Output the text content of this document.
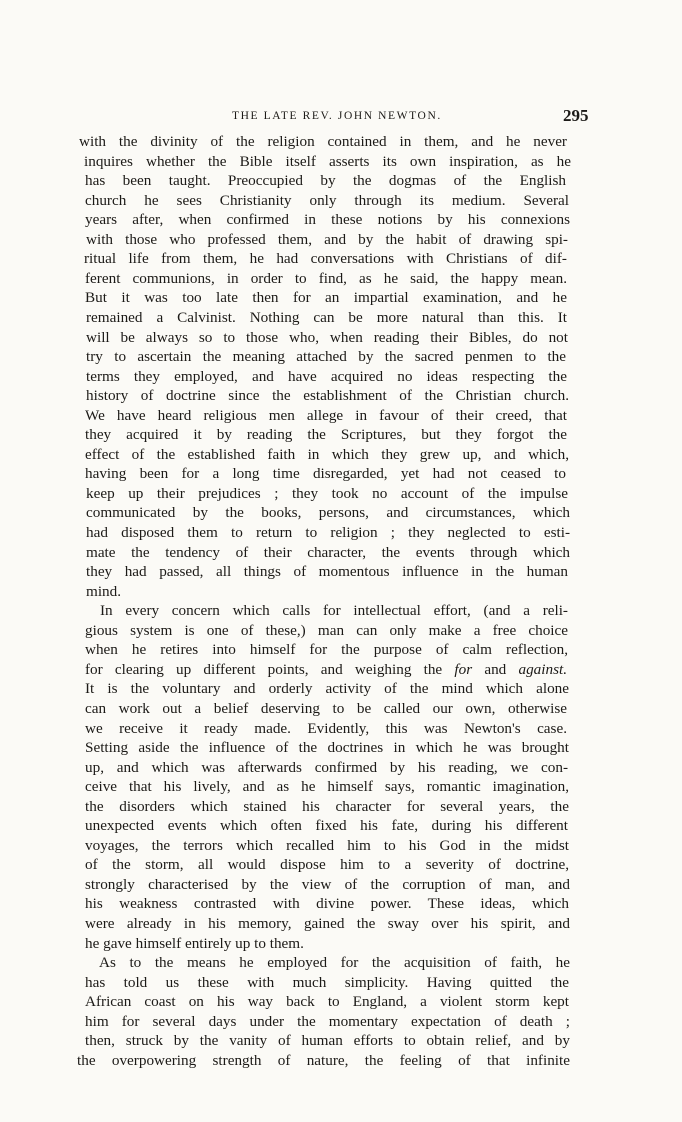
THE LATE REV. JOHN NEWTON.	295
with the divinity of the religion contained in them, and he never
inquires whether the Bible itself asserts its own inspiration, as he
has been taught. Preoccupied by the dogmas of the English
church he sees Christianity only through its medium. Several
years after, when confirmed in these notions by his connexions
with those who professed them, and by the habit of drawing spi-
ritual life from them, he had conversations with Christians of dif-
ferent communions, in order to find, as he said, the happy mean.
But it was too late then for an impartial examination, and he
remained a Calvinist. Nothing can be more natural than this. It
will be always so to those who, when reading their Bibles, do not
try to ascertain the meaning attached by the sacred penmen to the
terms they employed, and have acquired no ideas respecting the
history of doctrine since the establishment of the Christian church.
We have heard religious men allege in favour of their creed, that
they acquired it by reading the Scriptures, but they forgot the
effect of the established faith in which they grew up, and which,
having been for a long time disregarded, yet had not ceased to
keep up their prejudices ; they took no account of the impulse
communicated by the books, persons, and circumstances, which
had disposed them to return to religion ; they neglected to esti-
mate the tendency of their character, the events through which
they had passed, all things of momentous influence in the human
mind.
In every concern which calls for intellectual effort, (and a reli-
gious system is one of these,) man can only make a free choice
when he retires into himself for the purpose of calm reflection,
for clearing up different points, and weighing the for and against.
It is the voluntary and orderly activity of the mind which alone
can work out a belief deserving to be called our own, otherwise
we receive it ready made. Evidently, this was Newton's case.
Setting aside the influence of the doctrines in which he was brought
up, and which was afterwards confirmed by his reading, we con-
ceive that his lively, and as he himself says, romantic imagination,
the disorders which stained his character for several years, the
unexpected events which often fixed his fate, during his different
voyages, the terrors which recalled him to his God in the midst
of the storm, all would dispose him to a severity of doctrine,
strongly characterised by the view of the corruption of man, and
his weakness contrasted with divine power. These ideas, which
were already in his memory, gained the sway over his spirit, and
he gave himself entirely up to them.
As to the means he employed for the acquisition of faith, he
has told us these with much simplicity. Having quitted the
African coast on his way back to England, a violent storm kept
him for several days under the momentary expectation of death ;
then, struck by the vanity of human efforts to obtain relief, and by
the overpowering strength of nature, the feeling of that infinite
